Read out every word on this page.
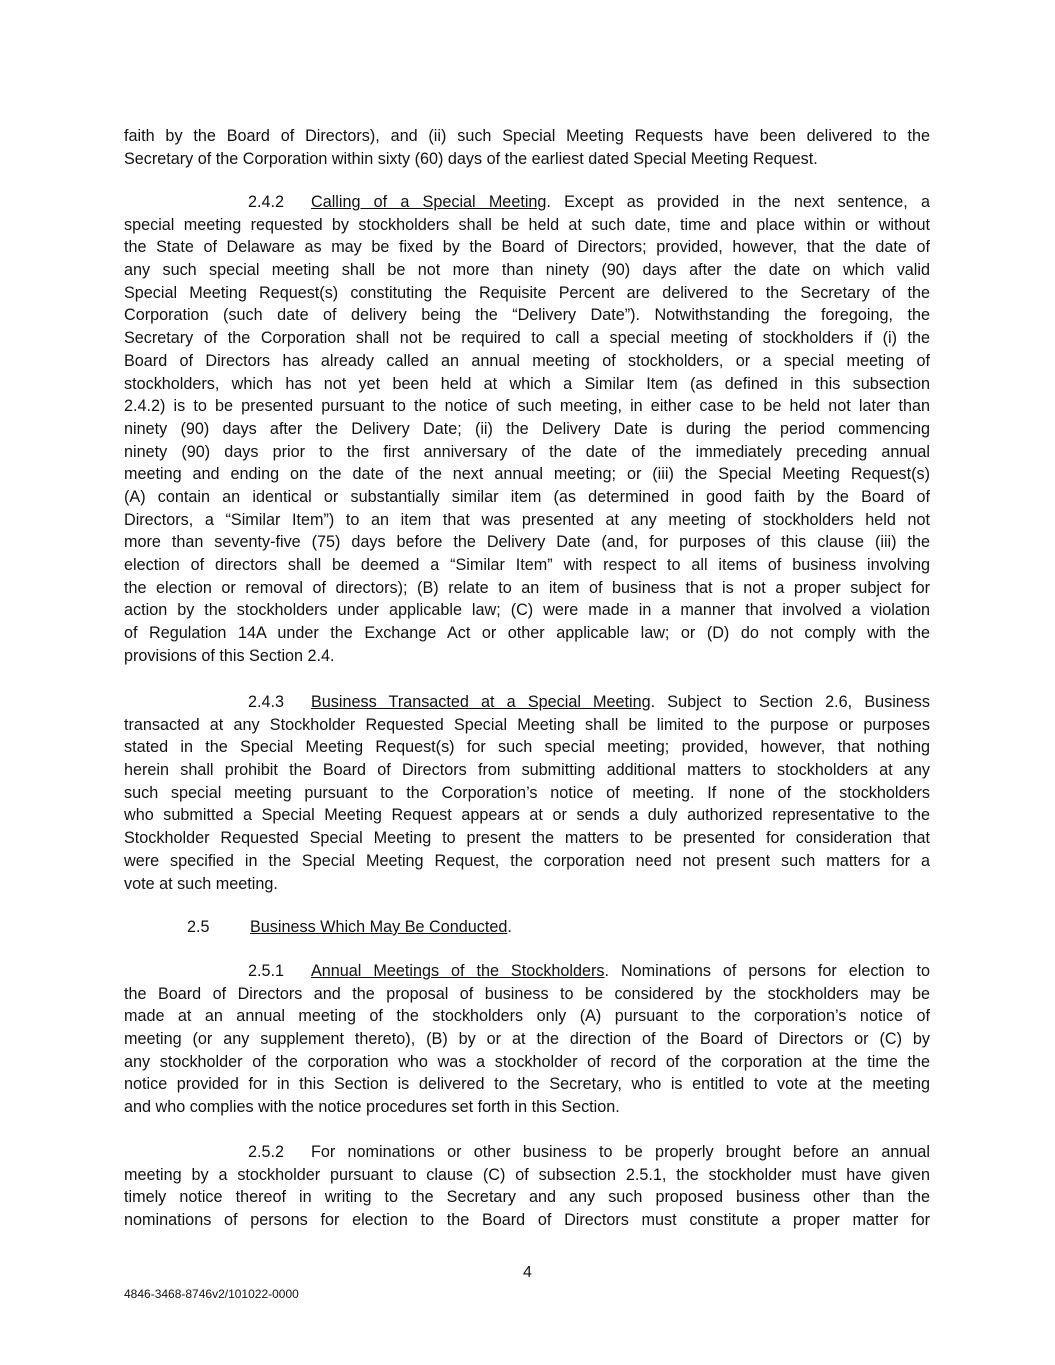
faith by the Board of Directors), and (ii) such Special Meeting Requests have been delivered to the
Secretary of the Corporation within sixty (60) days of the earliest dated Special Meeting Request.
2.4.2 Calling of a Special Meeting. Except as provided in the next sentence, a
special meeting requested by stockholders shall be held at such date, time and place within or without
the State of Delaware as may be fixed by the Board of Directors; provided, however, that the date of
any such special meeting shall be not more than ninety (90) days after the date on which valid
Special Meeting Request(s) constituting the Requisite Percent are delivered to the Secretary of the
Corporation (such date of delivery being the “Delivery Date”). Notwithstanding the foregoing, the
Secretary of the Corporation shall not be required to call a special meeting of stockholders if (i) the
Board of Directors has already called an annual meeting of stockholders, or a special meeting of
stockholders, which has not yet been held at which a Similar Item (as defined in this subsection
2.4.2) is to be presented pursuant to the notice of such meeting, in either case to be held not later than
ninety (90) days after the Delivery Date; (ii) the Delivery Date is during the period commencing
ninety (90) days prior to the first anniversary of the date of the immediately preceding annual
meeting and ending on the date of the next annual meeting; or (iii) the Special Meeting Request(s)
(A) contain an identical or substantially similar item (as determined in good faith by the Board of
Directors, a “Similar Item”) to an item that was presented at any meeting of stockholders held not
more than seventy-five (75) days before the Delivery Date (and, for purposes of this clause (iii) the
election of directors shall be deemed a “Similar Item” with respect to all items of business involving
the election or removal of directors); (B) relate to an item of business that is not a proper subject for
action by the stockholders under applicable law; (C) were made in a manner that involved a violation
of Regulation 14A under the Exchange Act or other applicable law; or (D) do not comply with the
provisions of this Section 2.4.
2.4.3 Business Transacted at a Special Meeting. Subject to Section 2.6, Business
transacted at any Stockholder Requested Special Meeting shall be limited to the purpose or purposes
stated in the Special Meeting Request(s) for such special meeting; provided, however, that nothing
herein shall prohibit the Board of Directors from submitting additional matters to stockholders at any
such special meeting pursuant to the Corporation’s notice of meeting. If none of the stockholders
who submitted a Special Meeting Request appears at or sends a duly authorized representative to the
Stockholder Requested Special Meeting to present the matters to be presented for consideration that
were specified in the Special Meeting Request, the corporation need not present such matters for a
vote at such meeting.
2.5 Business Which May Be Conducted.
2.5.1 Annual Meetings of the Stockholders. Nominations of persons for election to
the Board of Directors and the proposal of business to be considered by the stockholders may be
made at an annual meeting of the stockholders only (A) pursuant to the corporation’s notice of
meeting (or any supplement thereto), (B) by or at the direction of the Board of Directors or (C) by
any stockholder of the corporation who was a stockholder of record of the corporation at the time the
notice provided for in this Section is delivered to the Secretary, who is entitled to vote at the meeting
and who complies with the notice procedures set forth in this Section.
2.5.2 For nominations or other business to be properly brought before an annual
meeting by a stockholder pursuant to clause (C) of subsection 2.5.1, the stockholder must have given
timely notice thereof in writing to the Secretary and any such proposed business other than the
nominations of persons for election to the Board of Directors must constitute a proper matter for
4
4846-3468-8746v2/101022-0000
